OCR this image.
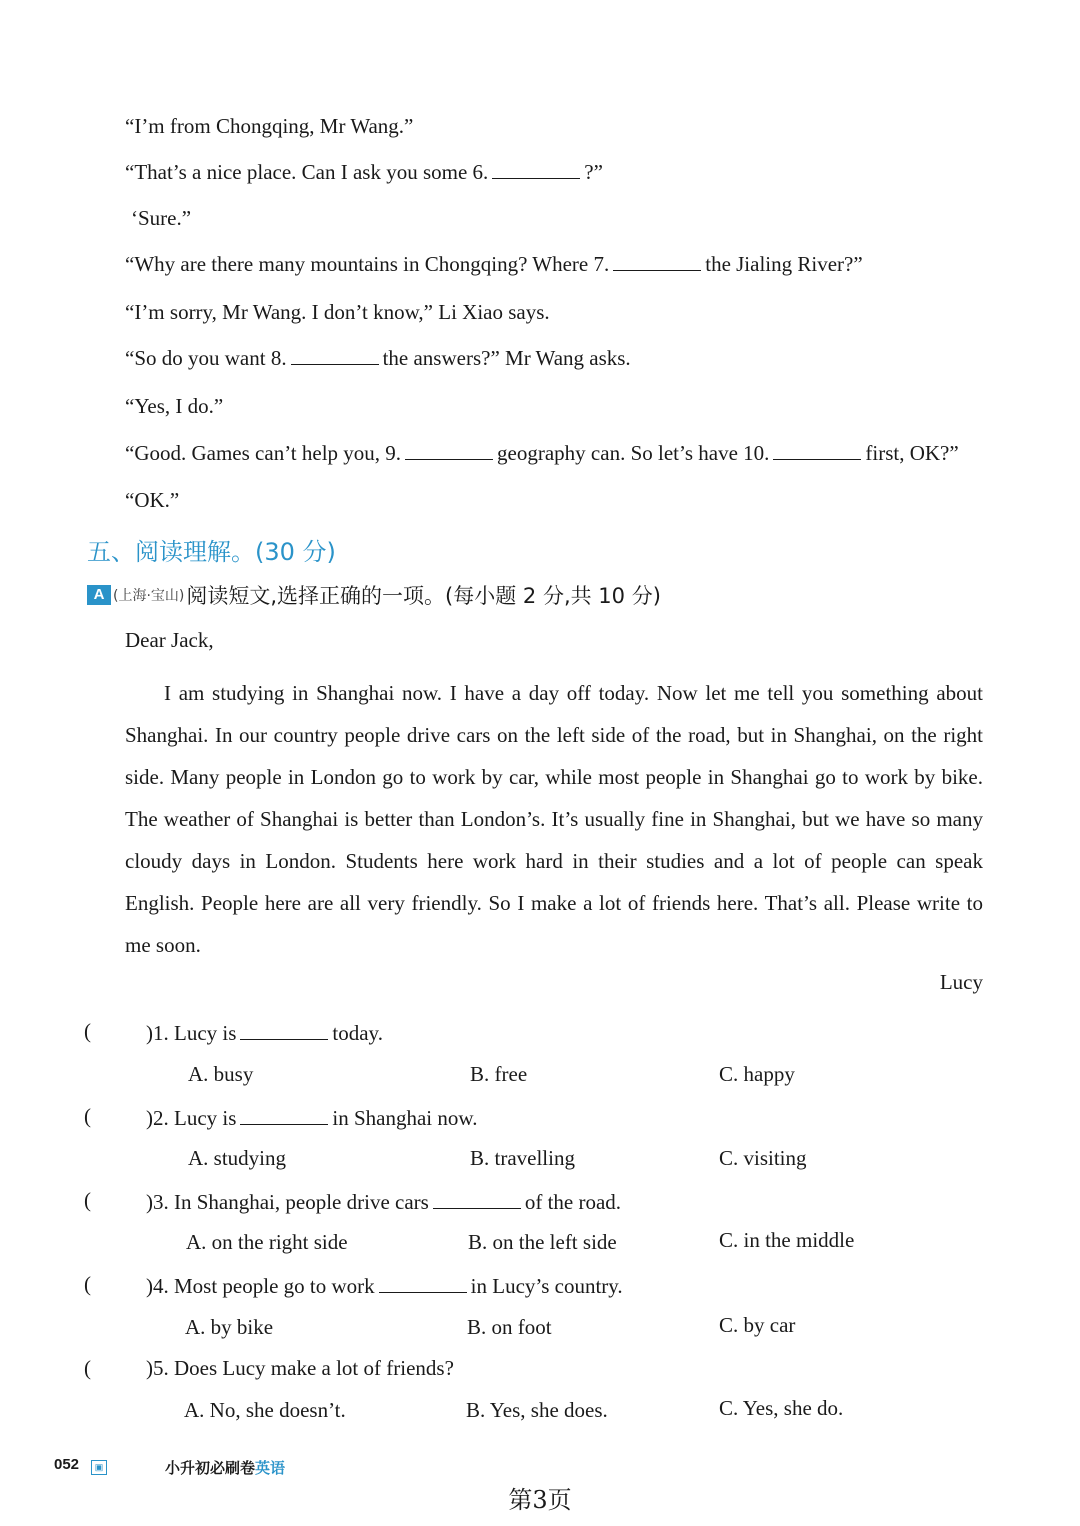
“I’m from Chongqing, Mr Wang.”
“That’s a nice place. Can I ask you some 6.	?”
‘Sure.”
“Why are there many mountains in Chongqing? Where 7.	the Jialing River?”
“I’m sorry, Mr Wang. I don’t know,” Li Xiao says.
“So do you want 8.	the answers?” Mr Wang asks.
“Yes, I do.”
“Good. Games can’t help you, 9.	geography can. So let’s have 10.	first, OK?”
“OK.”
五、阅读理解。(30 分)
A (上海·宝山) 阅读短文,选择正确的一项。(每小题 2 分,共 10 分)
Dear Jack,
I am studying in Shanghai now. I have a day off today. Now let me tell you something about Shanghai. In our country people drive cars on the left side of the road, but in Shanghai, on the right side. Many people in London go to work by car, while most people in Shanghai go to work by bike. The weather of Shanghai is better than London’s. It’s usually fine in Shanghai, but we have so many cloudy days in London. Students here work hard in their studies and a lot of people can speak English. People here are all very friendly. So I make a lot of friends here. That’s all. Please write to me soon.
Lucy
(	)1. Lucy is	today.
A. busy	B. free	C. happy
(	)2. Lucy is	in Shanghai now.
A. studying	B. travelling	C. visiting
(	)3. In Shanghai, people drive cars	of the road.
A. on the right side	B. on the left side	C. in the middle
(	)4. Most people go to work	in Lucy’s country.
A. by bike	B. on foot	C. by car
(	)5. Does Lucy make a lot of friends?
A. No, she doesn’t.	B. Yes, she does.	C. Yes, she do.
052	▣	小升初必刷卷英语
第3页
